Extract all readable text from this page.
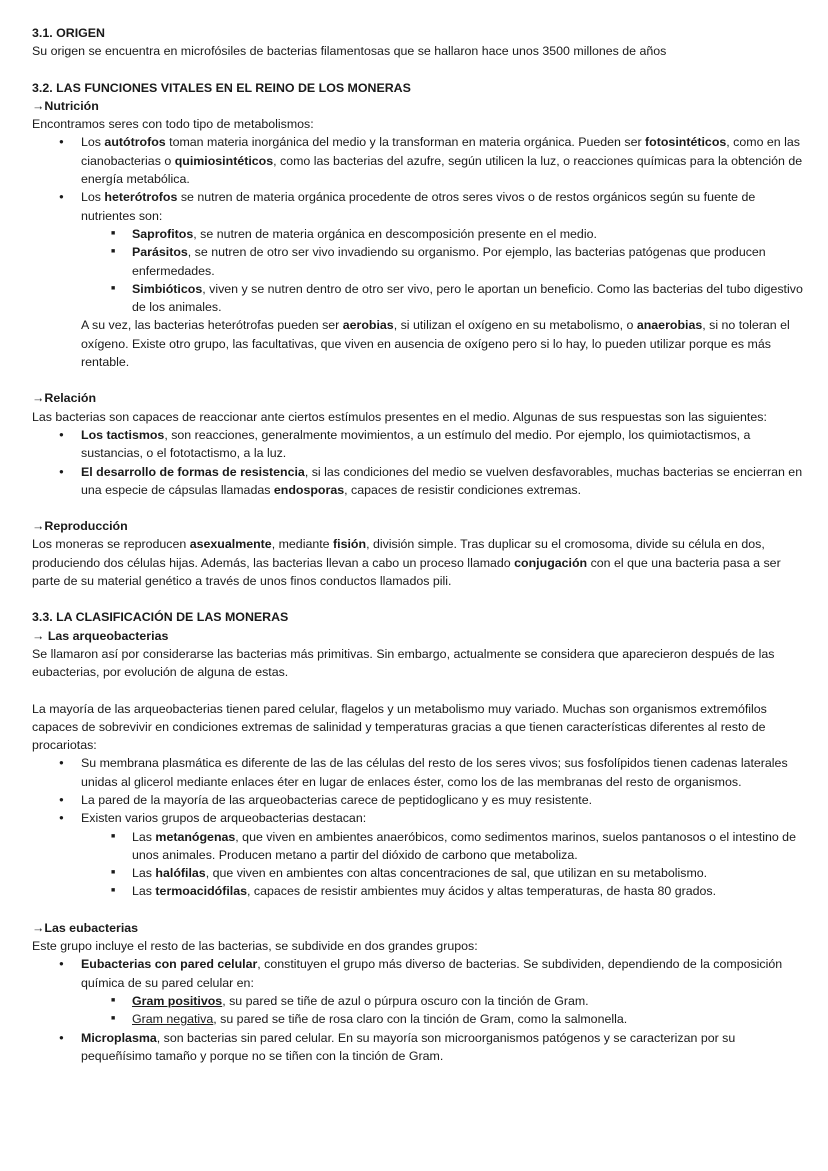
3.1. ORIGEN

Su origen se encuentra en microfósiles de bacterias filamentosas que se hallaron hace unos 3500 millones de años

3.2. LAS FUNCIONES VITALES EN EL REINO DE LOS MONERAS

→Nutrición

Encontramos seres con todo tipo de metabolismos:

● Los autótrofos toman materia inorgánica del medio y la transforman en materia orgánica. Pueden ser fotosintéticos, como en las cianobacterias o quimiosintéticos, como las bacterias del azufre, según utilicen la luz, o reacciones químicas para la obtención de energía metabólica.
● Los heterótrofos se nutren de materia orgánica procedente de otros seres vivos o de restos orgánicos según su fuente de nutrientes son:
■ Saprofitos, se nutren de materia orgánica en descomposición presente en el medio.
■ Parásitos, se nutren de otro ser vivo invadiendo su organismo. Por ejemplo, las bacterias patógenas que producen enfermedades.
■ Simbióticos, viven y se nutren dentro de otro ser vivo, pero le aportan un beneficio. Como las bacterias del tubo digestivo de los animales.

A su vez, las bacterias heterótrofas pueden ser aerobias, si utilizan el oxígeno en su metabolismo, o anaerobias, si no toleran el oxígeno. Existe otro grupo, las facultativas, que viven en ausencia de oxígeno pero si lo hay, lo pueden utilizar porque es más rentable.

→Relación

Las bacterias son capaces de reaccionar ante ciertos estímulos presentes en el medio. Algunas de sus respuestas son las siguientes:

● Los tactismos, son reacciones, generalmente movimientos, a un estímulo del medio. Por ejemplo, los quimiotactismos, a sustancias, o el fototactismo, a la luz.
● El desarrollo de formas de resistencia, si las condiciones del medio se vuelven desfavorables, muchas bacterias se encierran en una especie de cápsulas llamadas endosporas, capaces de resistir condiciones extremas.

→Reproducción

Los moneras se reproducen asexualmente, mediante fisión, división simple. Tras duplicar su el cromosoma, divide su célula en dos, produciendo dos células hijas. Además, las bacterias llevan a cabo un proceso llamado conjugación con el que una bacteria pasa a ser parte de su material genético a través de unos finos conductos llamados pili.

3.3. LA CLASIFICACIÓN DE LAS MONERAS

→ Las arqueobacterias

Se llamaron así por considerarse las bacterias más primitivas. Sin embargo, actualmente se considera que aparecieron después de las eubacterias, por evolución de alguna de estas.

La mayoría de las arqueobacterias tienen pared celular, flagelos y un metabolismo muy variado. Muchas son organismos extremófilos capaces de sobrevivir en condiciones extremas de salinidad y temperaturas gracias a que tienen características diferentes al resto de procariotas:

● Su membrana plasmática es diferente de las de las células del resto de los seres vivos; sus fosfolípidos tienen cadenas laterales unidas al glicerol mediante enlaces éter en lugar de enlaces éster, como los de las membranas del resto de organismos.
● La pared de la mayoría de las arqueobacterias carece de peptidoglicano y es muy resistente.
● Existen varios grupos de arqueobacterias destacan:
■ Las metanógenas, que viven en ambientes anaeróbicos, como sedimentos marinos, suelos pantanosos o el intestino de unos animales. Producen metano a partir del dióxido de carbono que metaboliza.
■ Las halófilas, que viven en ambientes con altas concentraciones de sal, que utilizan en su metabolismo.
■ Las termoacidófilas, capaces de resistir ambientes muy ácidos y altas temperaturas, de hasta 80 grados.

→Las eubacterias

Este grupo incluye el resto de las bacterias, se subdivide en dos grandes grupos:

● Eubacterias con pared celular, constituyen el grupo más diverso de bacterias. Se subdividen, dependiendo de la composición química de su pared celular en:
■ Gram positivos, su pared se tiñe de azul o púrpura oscuro con la tinción de Gram.
■ Gram negativa, su pared se tiñe de rosa claro con la tinción de Gram, como la salmonella.
● Microplasma, son bacterias sin pared celular. En su mayoría son microorganismos patógenos y se caracterizan por su pequeñísimo tamaño y porque no se tiñen con la tinción de Gram.
